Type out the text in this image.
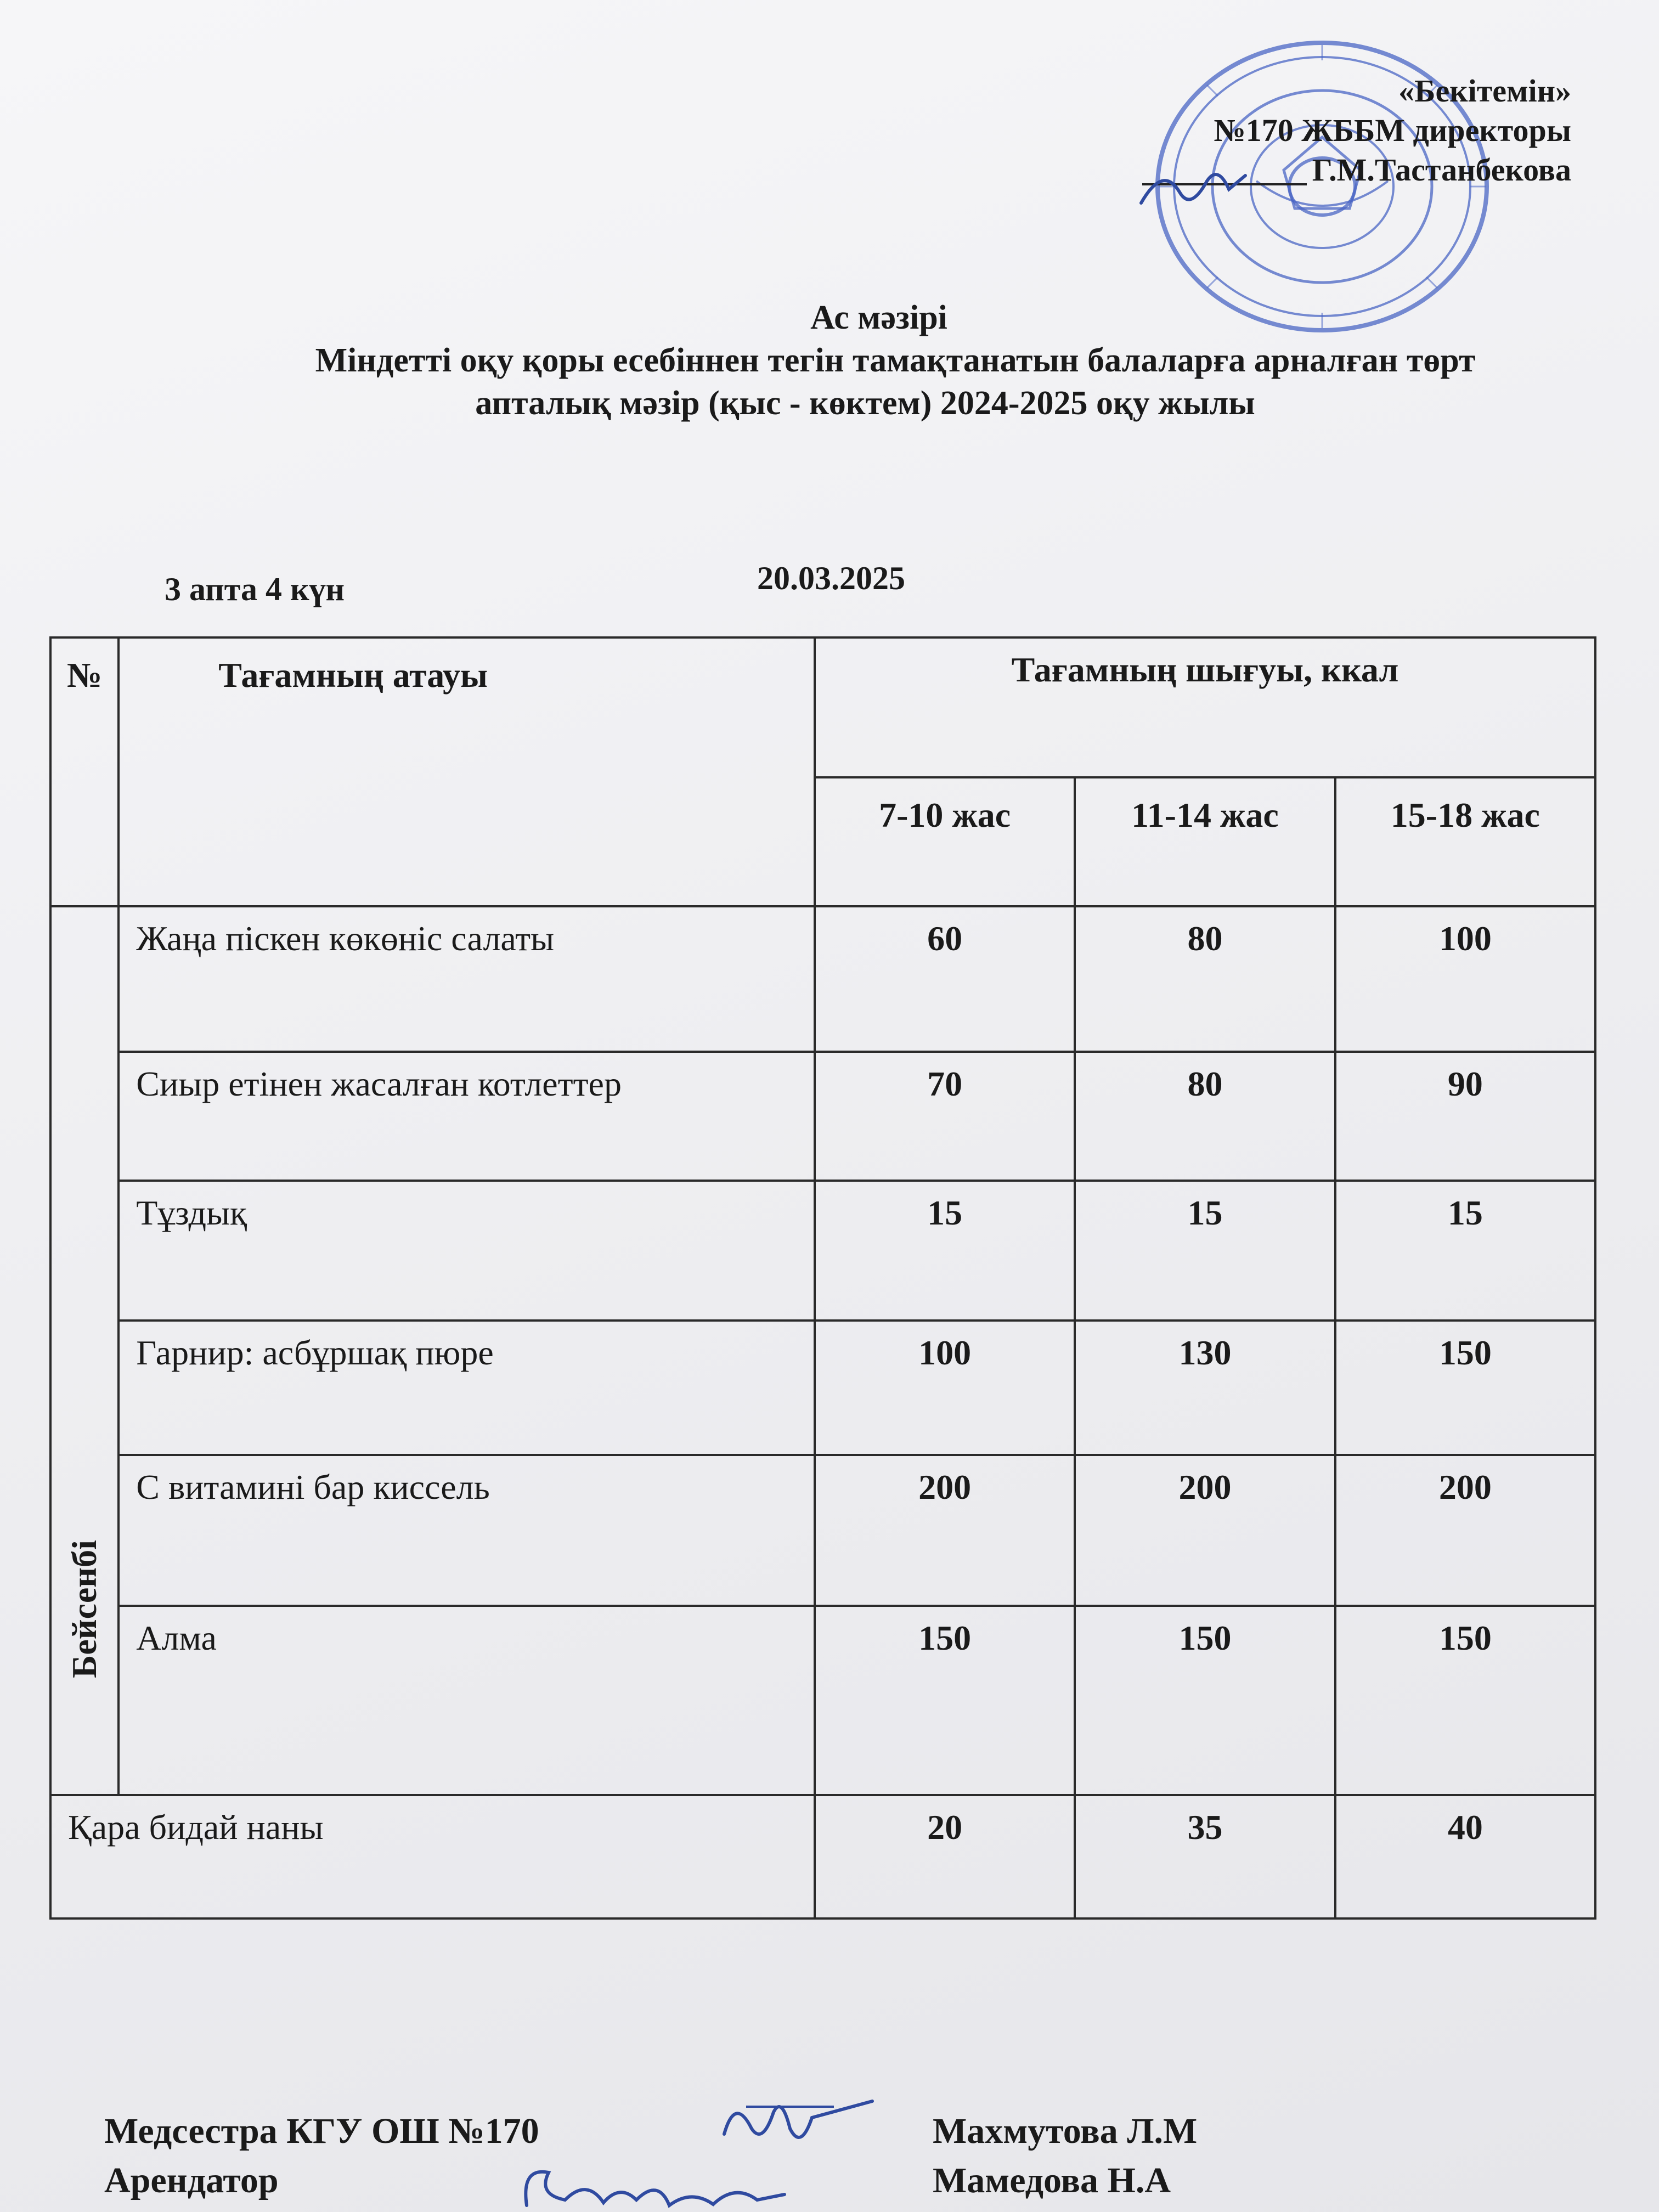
«Бекітемін»
№170 ЖББМ директоры
Г.М.Тастанбекова
Ас мәзірі
Міндетті оқу қоры есебіннен тегін тамақтанатын балаларға арналған төрт
апталық мәзір (қыс - көктем) 2024-2025 оқу жылы
3 апта 4 күн	20.03.2025
№	Тағамның атауы	Тағамның шығуы, ккал		
		7-10 жас	11-14 жас	15-18 жас

Бейсенбі	Жаңа піскен көкөніс салаты	60	80	100
	Сиыр етінен жасалған котлеттер	70	80	90
	Тұздық	15	15	15
	Гарнир: асбұршақ пюре	100	130	150
	С витамині бар киссель	200	200	200
	Алма	150	150	150
Қара бидай наны		20	35	40
Медсестра КГУ ОШ №170
Арендатор
Махмутова Л.М
Мамедова Н.А
